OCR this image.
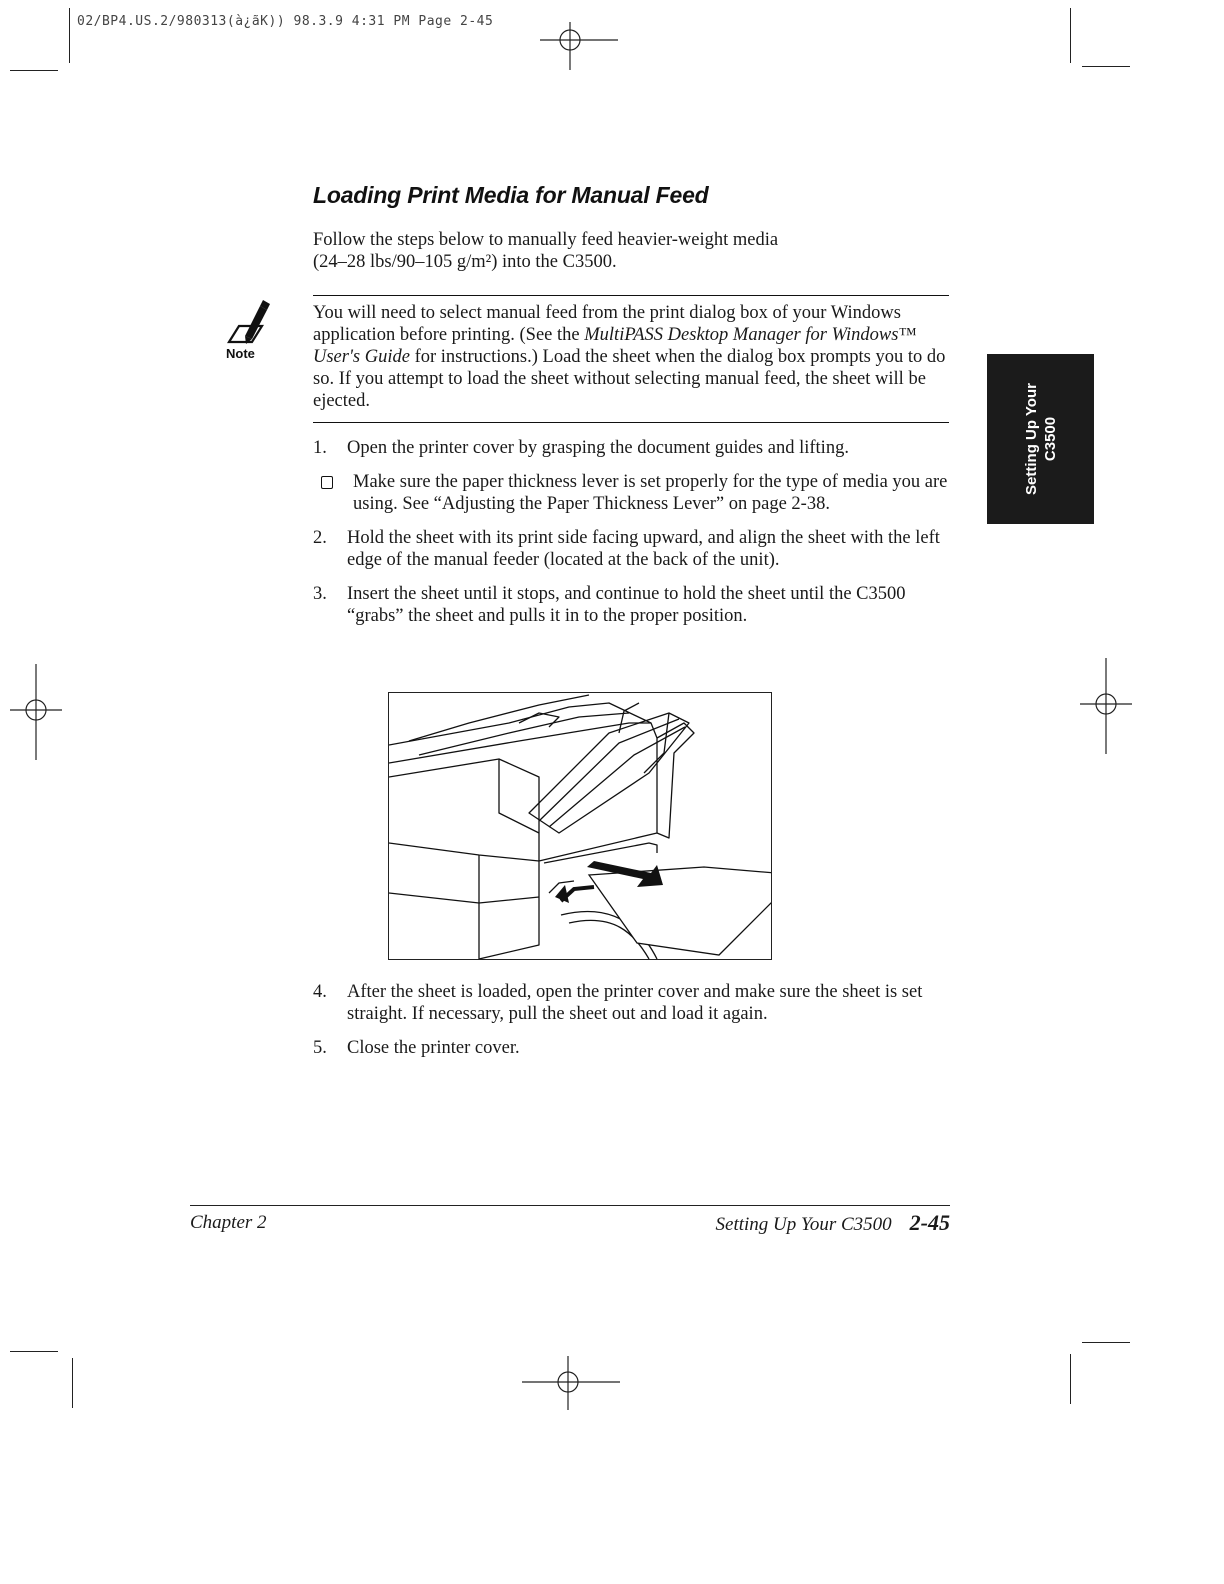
02/BP4.US.2/980313(à¿ãK)) 98.3.9 4:31 PM Page 2-45
Loading Print Media for Manual Feed
Follow the steps below to manually feed heavier-weight media
(24–28 lbs/90–105 g/m²) into the C3500.
Note
You will need to select manual feed from the print dialog box of your Windows application before printing. (See the MultiPASS Desktop Manager for Windows™ User's Guide for instructions.) Load the sheet when the dialog box prompts you to do so. If you attempt to load the sheet without selecting manual feed, the sheet will be ejected.
1. Open the printer cover by grasping the document guides and lifting.
Make sure the paper thickness lever is set properly for the type of media you are using. See “Adjusting the Paper Thickness Lever” on page 2-38.
2. Hold the sheet with its print side facing upward, and align the sheet with the left edge of the manual feeder (located at the back of the unit).
3. Insert the sheet until it stops, and continue to hold the sheet until the C3500 “grabs” the sheet and pulls it in to the proper position.
4. After the sheet is loaded, open the printer cover and make sure the sheet is set straight. If necessary, pull the sheet out and load it again.
5. Close the printer cover.
Setting Up Your C3500
Chapter 2	Setting Up Your C3500 2-45
